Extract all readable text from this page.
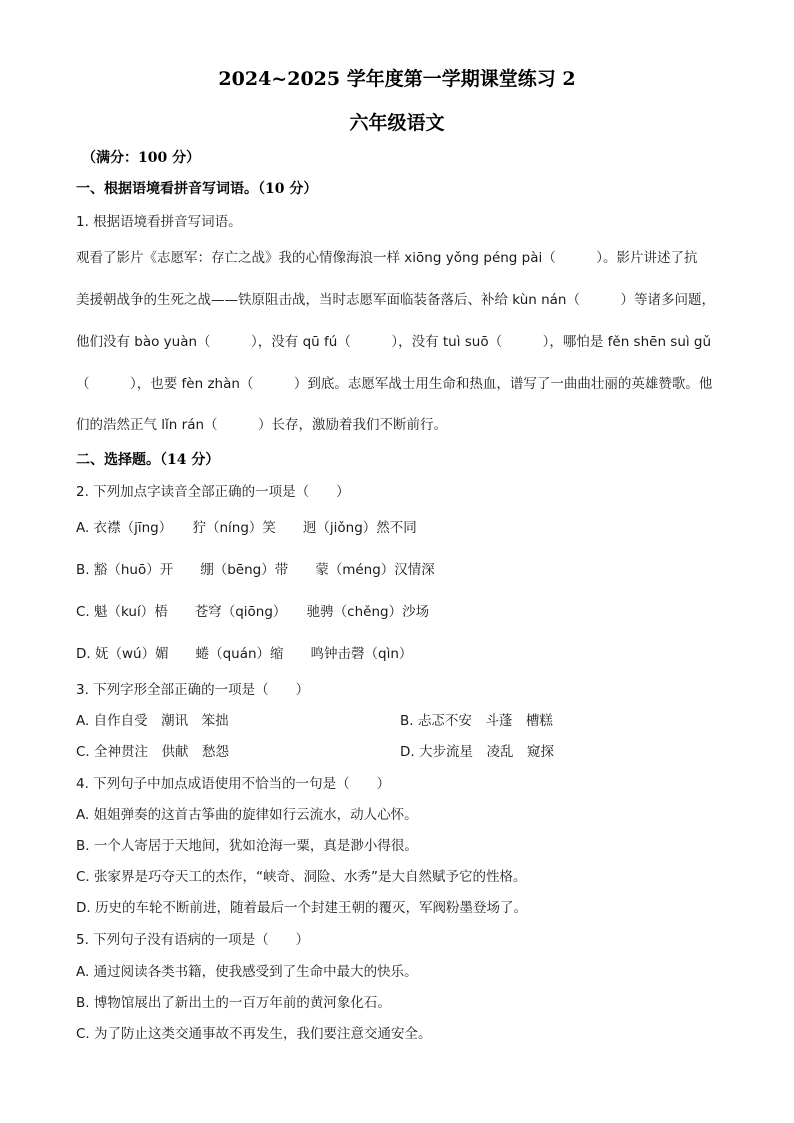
2024~2025 学年度第一学期课堂练习 2
六年级语文
（满分：100 分）
一、根据语境看拼音写词语。（10 分）
1. 根据语境看拼音写词语。
观看了影片《志愿军：存亡之战》我的心情像海浪一样 xiōng yǒng péng pài（　　　）。影片讲述了抗
美援朝战争的生死之战——铁原阻击战，当时志愿军面临装备落后、补给 kùn nán（　　　）等诸多问题，
他们没有 bào yuàn（　　　），没有 qū fú（　　　），没有 tuì suō（　　　），哪怕是 fěn shēn suì gǔ
（　　　），也要 fèn zhàn（　　　）到底。志愿军战士用生命和热血，谱写了一曲曲壮丽的英雄赞歌。他
们的浩然正气 lǐn rán（　　　）长存，激励着我们不断前行。
二、选择题。（14 分）
2. 下列加点字读音全部正确的一项是（　　）
A. 衣襟（jīng）　　狞（níng）笑　　迥（jiǒng）然不同
B. 豁（huō）开　　绷（bēng）带　　蒙（méng）汉情深
C. 魁（kuí）梧　　苍穹（qiōng）　　驰骋（chěng）沙场
D. 妩（wú）媚　　蜷（quán）缩　　鸣钟击磬（qìn）
3. 下列字形全部正确的一项是（　　）
A. 自作自受　潮讯　笨拙	B. 忐忑不安　斗蓬　槽糕
C. 全神贯注　供献　愁怨	D. 大步流星　凌乱　窥探
4. 下列句子中加点成语使用不恰当的一句是（　　）
A. 姐姐弹奏的这首古筝曲的旋律如行云流水，动人心怀。
B. 一个人寄居于天地间，犹如沧海一粟，真是渺小得很。
C. 张家界是巧夺天工的杰作，“峡奇、洞险、水秀”是大自然赋予它的性格。
D. 历史的车轮不断前进，随着最后一个封建王朝的覆灭，军阀粉墨登场了。
5. 下列句子没有语病的一项是（　　）
A. 通过阅读各类书籍，使我感受到了生命中最大的快乐。
B. 博物馆展出了新出土的一百万年前的黄河象化石。
C. 为了防止这类交通事故不再发生，我们要注意交通安全。
